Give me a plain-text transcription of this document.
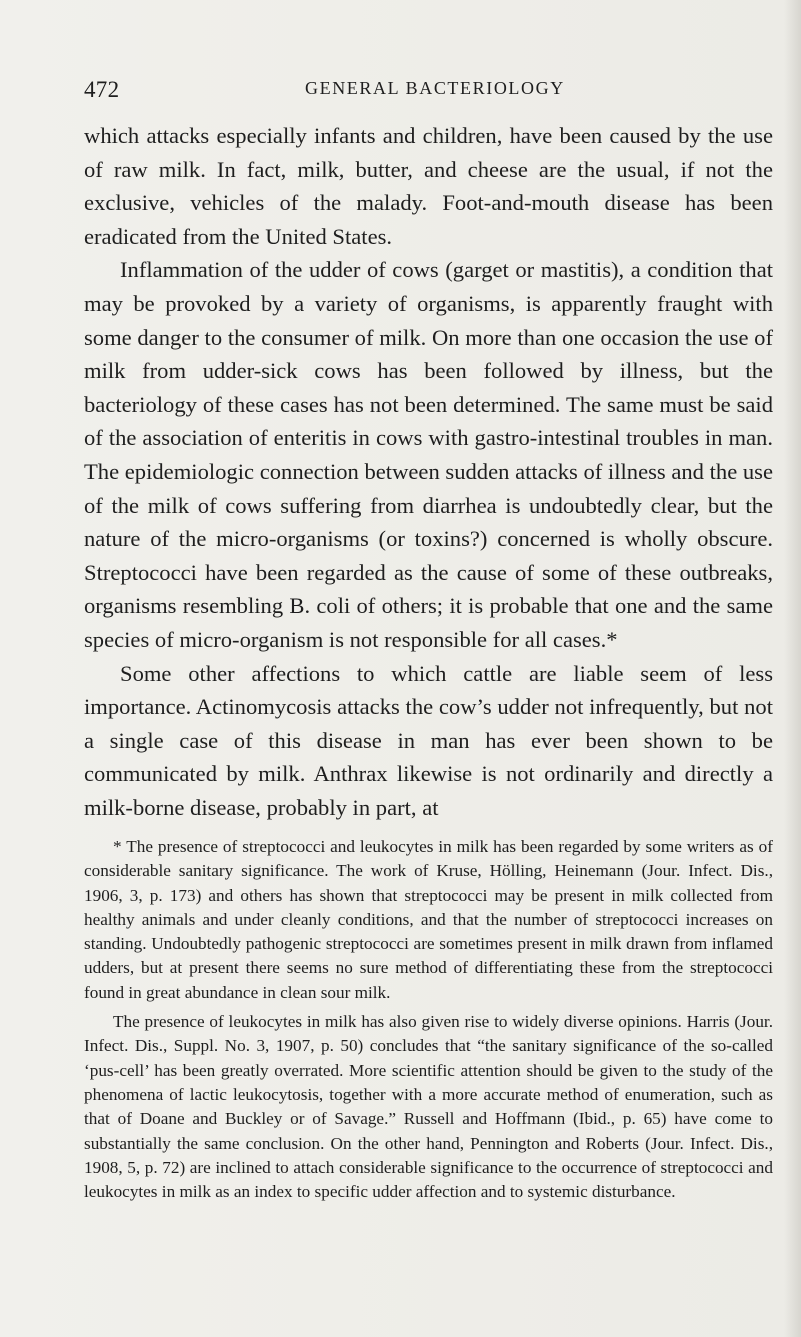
472	GENERAL BACTERIOLOGY

which attacks especially infants and children, have been caused by the use of raw milk. In fact, milk, butter, and cheese are the usual, if not the exclusive, vehicles of the malady. Foot-and-mouth disease has been eradicated from the United States.

Inflammation of the udder of cows (garget or mastitis), a condition that may be provoked by a variety of organisms, is apparently fraught with some danger to the consumer of milk. On more than one occasion the use of milk from udder-sick cows has been followed by illness, but the bacteriology of these cases has not been determined. The same must be said of the association of enteritis in cows with gastro-intestinal troubles in man. The epidemiologic connection between sudden attacks of illness and the use of the milk of cows suffering from diarrhea is undoubtedly clear, but the nature of the micro-organisms (or toxins?) concerned is wholly obscure. Streptococci have been regarded as the cause of some of these outbreaks, organisms resembling B. coli of others; it is probable that one and the same species of micro-organism is not responsible for all cases.*

Some other affections to which cattle are liable seem of less importance. Actinomycosis attacks the cow’s udder not infrequently, but not a single case of this disease in man has ever been shown to be communicated by milk. Anthrax likewise is not ordinarily and directly a milk-borne disease, probably in part, at

* The presence of streptococci and leukocytes in milk has been regarded by some writers as of considerable sanitary significance. The work of Kruse, Hölling, Heinemann (Jour. Infect. Dis., 1906, 3, p. 173) and others has shown that streptococci may be present in milk collected from healthy animals and under cleanly conditions, and that the number of streptococci increases on standing. Undoubtedly pathogenic streptococci are sometimes present in milk drawn from inflamed udders, but at present there seems no sure method of differentiating these from the streptococci found in great abundance in clean sour milk.

The presence of leukocytes in milk has also given rise to widely diverse opinions. Harris (Jour. Infect. Dis., Suppl. No. 3, 1907, p. 50) concludes that “the sanitary significance of the so-called ‘pus-cell’ has been greatly overrated. More scientific attention should be given to the study of the phenomena of lactic leukocytosis, together with a more accurate method of enumeration, such as that of Doane and Buckley or of Savage.” Russell and Hoffmann (Ibid., p. 65) have come to substantially the same conclusion. On the other hand, Pennington and Roberts (Jour. Infect. Dis., 1908, 5, p. 72) are inclined to attach considerable significance to the occurrence of streptococci and leukocytes in milk as an index to specific udder affection and to systemic disturbance.
